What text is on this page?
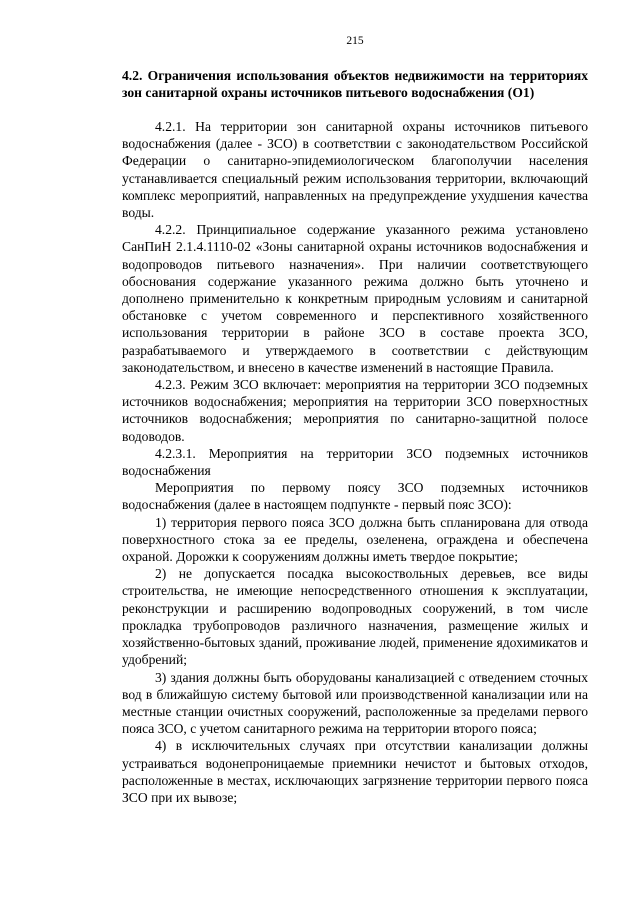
215
4.2. Ограничения использования объектов недвижимости на территориях зон санитарной охраны источников питьевого водоснабжения (О1)

4.2.1. На территории зон санитарной охраны источников питьевого водоснабжения (далее - ЗСО) в соответствии с законодательством Российской Федерации о санитарно-эпидемиологическом благополучии населения устанавливается специальный режим использования территории, включающий комплекс мероприятий, направленных на предупреждение ухудшения качества воды.

4.2.2. Принципиальное содержание указанного режима установлено СанПиН 2.1.4.1110-02 «Зоны санитарной охраны источников водоснабжения и водопроводов питьевого назначения». При наличии соответствующего обоснования содержание указанного режима должно быть уточнено и дополнено применительно к конкретным природным условиям и санитарной обстановке с учетом современного и перспективного хозяйственного использования территории в районе ЗСО в составе проекта ЗСО, разрабатываемого и утверждаемого в соответствии с действующим законодательством, и внесено в качестве изменений в настоящие Правила.

4.2.3. Режим ЗСО включает: мероприятия на территории ЗСО подземных источников водоснабжения; мероприятия на территории ЗСО поверхностных источников водоснабжения; мероприятия по санитарно-защитной полосе водоводов.

4.2.3.1. Мероприятия на территории ЗСО подземных источников водоснабжения

Мероприятия по первому поясу ЗСО подземных источников водоснабжения (далее в настоящем подпункте - первый пояс ЗСО):

1) территория первого пояса ЗСО должна быть спланирована для отвода поверхностного стока за ее пределы, озеленена, ограждена и обеспечена охраной. Дорожки к сооружениям должны иметь твердое покрытие;

2) не допускается посадка высокоствольных деревьев, все виды строительства, не имеющие непосредственного отношения к эксплуатации, реконструкции и расширению водопроводных сооружений, в том числе прокладка трубопроводов различного назначения, размещение жилых и хозяйственно-бытовых зданий, проживание людей, применение ядохимикатов и удобрений;

3) здания должны быть оборудованы канализацией с отведением сточных вод в ближайшую систему бытовой или производственной канализации или на местные станции очистных сооружений, расположенные за пределами первого пояса ЗСО, с учетом санитарного режима на территории второго пояса;

4) в исключительных случаях при отсутствии канализации должны устраиваться водонепроницаемые приемники нечистот и бытовых отходов, расположенные в местах, исключающих загрязнение территории первого пояса ЗСО при их вывозе;
